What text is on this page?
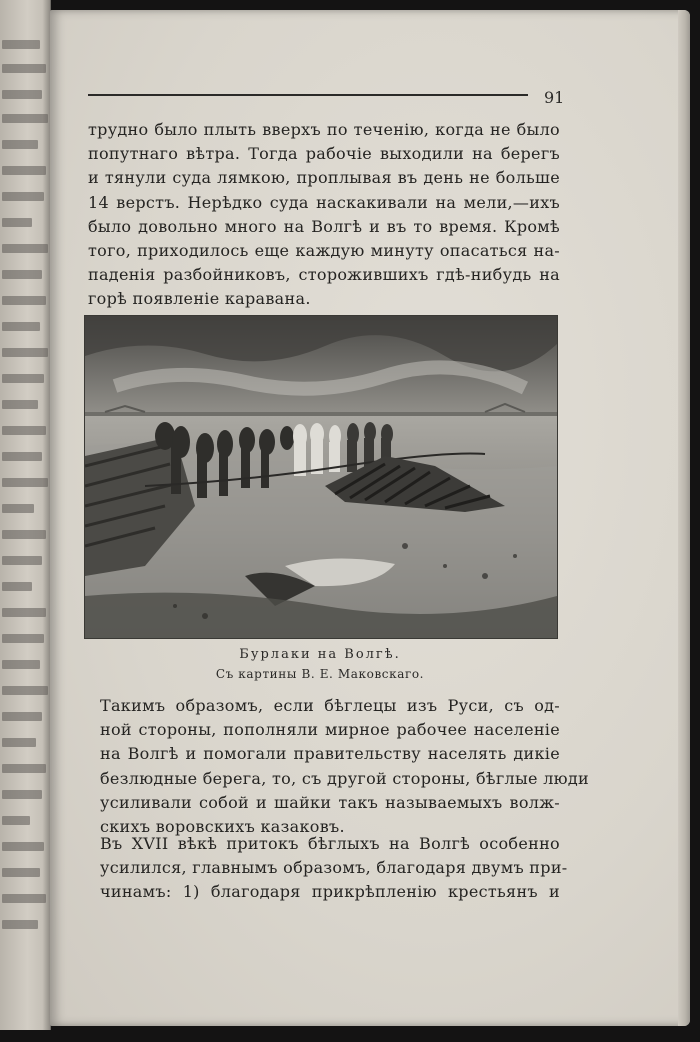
91

трудно было плыть вверхъ по теченію, когда не было
попутнаго вѣтра. Тогда рабочіе выходили на берегъ
и тянули суда лямкою, проплывая въ день не больше
14 верстъ. Нерѣдко суда наскакивали на мели,—ихъ
было довольно много на Волгѣ и въ то время. Кромѣ
того, приходилось еще каждую минуту опасаться на-
паденія разбойниковъ, сторожившихъ гдѣ-нибудь на
горѣ появленіе каравана.

Бурлаки на Волгѣ.
Съ картины В. Е. Маковскаго.

Такимъ образомъ, если бѣглецы изъ Руси, съ од-
ной стороны, пополняли мирное рабочее населеніе
на Волгѣ и помогали правительству населять дикіе
безлюдные берега, то, съ другой стороны, бѣглые люди
усиливали собой и шайки такъ называемыхъ волж-
скихъ воровскихъ казаковъ.

Въ XVII вѣкѣ притокъ бѣглыхъ на Волгѣ особенно
усилился, главнымъ образомъ, благодаря двумъ при-
чинамъ: 1) благодаря прикрѣпленію крестьянъ и
